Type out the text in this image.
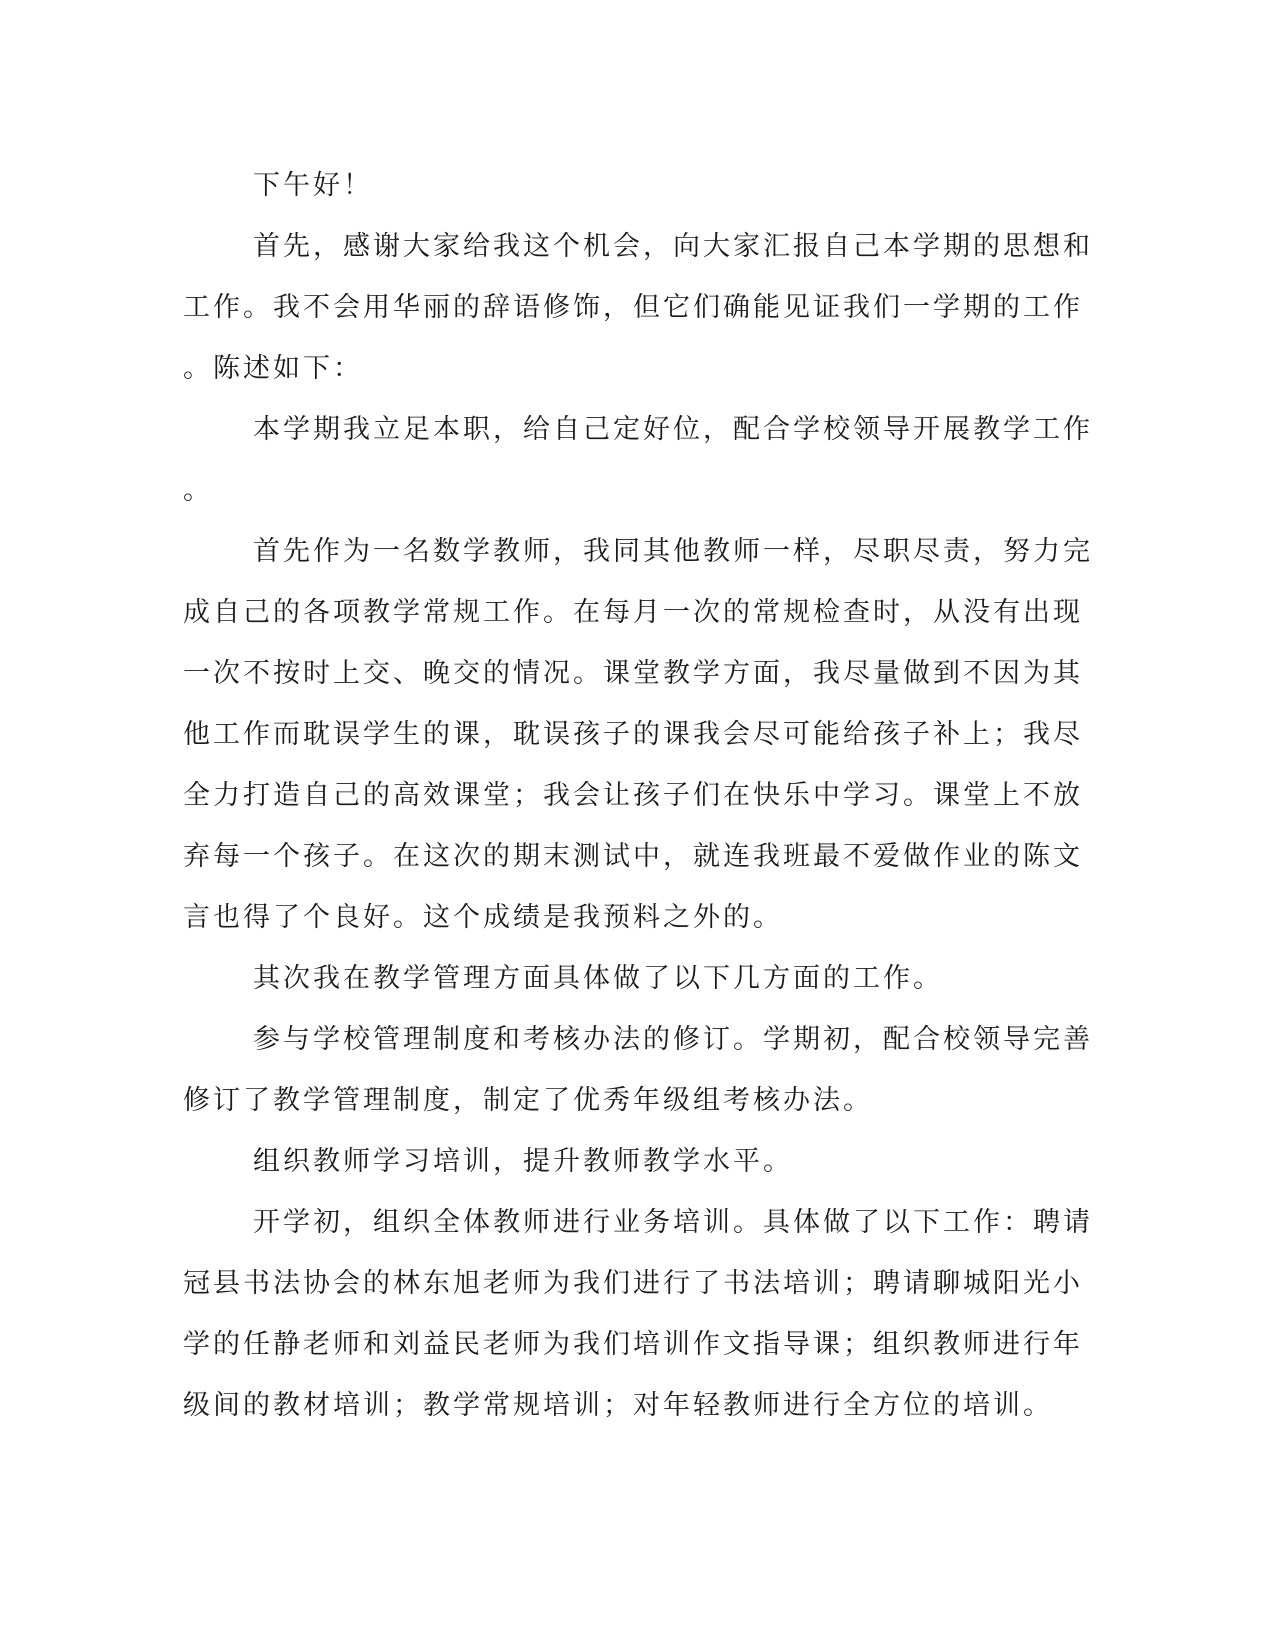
下午好！
首先，感谢大家给我这个机会，向大家汇报自己本学期的思想和
工作。我不会用华丽的辞语修饰，但它们确能见证我们一学期的工作
。陈述如下：
本学期我立足本职，给自己定好位，配合学校领导开展教学工作
。
首先作为一名数学教师，我同其他教师一样，尽职尽责，努力完
成自己的各项教学常规工作。在每月一次的常规检查时，从没有出现
一次不按时上交、晚交的情况。课堂教学方面，我尽量做到不因为其
他工作而耽误学生的课，耽误孩子的课我会尽可能给孩子补上；我尽
全力打造自己的高效课堂；我会让孩子们在快乐中学习。课堂上不放
弃每一个孩子。在这次的期末测试中，就连我班最不爱做作业的陈文
言也得了个良好。这个成绩是我预料之外的。
其次我在教学管理方面具体做了以下几方面的工作。
参与学校管理制度和考核办法的修订。学期初，配合校领导完善
修订了教学管理制度，制定了优秀年级组考核办法。
组织教师学习培训，提升教师教学水平。
开学初，组织全体教师进行业务培训。具体做了以下工作：聘请
冠县书法协会的林东旭老师为我们进行了书法培训；聘请聊城阳光小
学的任静老师和刘益民老师为我们培训作文指导课；组织教师进行年
级间的教材培训；教学常规培训；对年轻教师进行全方位的培训。
